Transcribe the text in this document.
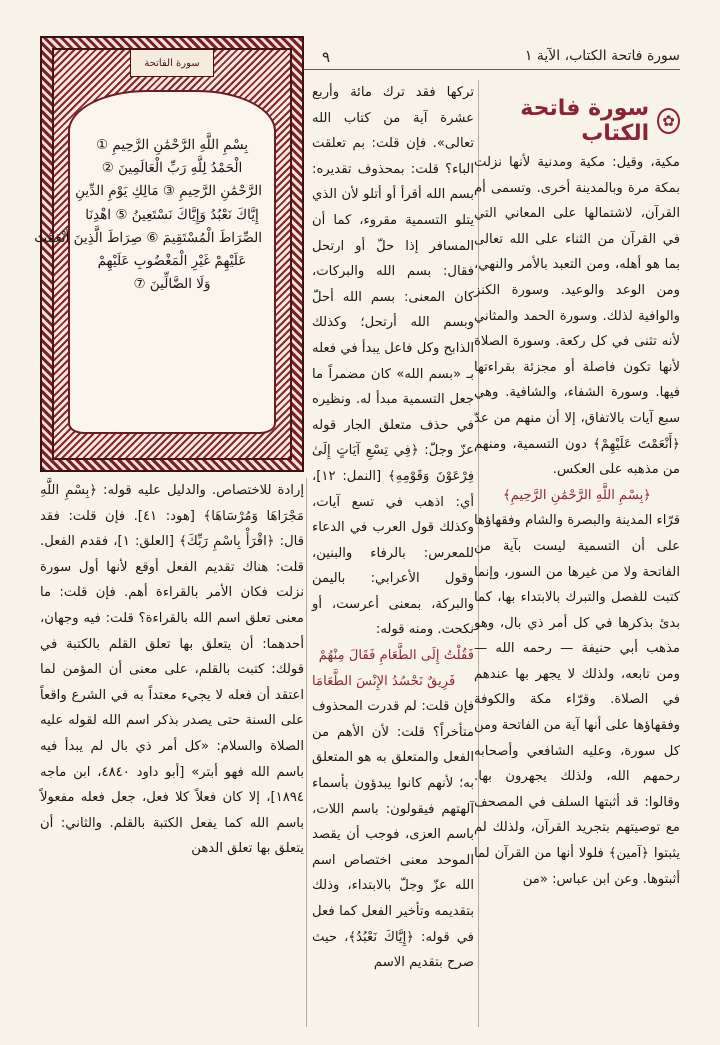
سورة فاتحة الكتاب، الآية ١
٩
سورة الفاتحة
بِسْمِ اللَّهِ الرَّحْمَٰنِ الرَّحِيمِ ①
الْحَمْدُ لِلَّهِ رَبِّ الْعَالَمِينَ ②
الرَّحْمَٰنِ الرَّحِيمِ ③ مَالِكِ يَوْمِ الدِّينِ
إِيَّاكَ نَعْبُدُ وَإِيَّاكَ نَسْتَعِينُ ⑤ اهْدِنَا
الصِّرَاطَ الْمُسْتَقِيمَ ⑥ صِرَاطَ الَّذِينَ أَنْعَمْتَ
عَلَيْهِمْ غَيْرِ الْمَغْضُوبِ عَلَيْهِمْ
وَلَا الضَّالِّينَ ⑦
✿
سورة فاتحة الكتاب

مكية، وقيل: مكية ومدنية لأنها نزلت بمكة مرة وبالمدينة أخرى. وتسمى أم القرآن، لاشتمالها على المعاني التي في القرآن من الثناء على الله تعالى بما هو أهله، ومن التعبد بالأمر والنهي، ومن الوعد والوعيد. وسورة الكنز والوافية لذلك. وسورة الحمد والمثاني لأنه تثنى في كل ركعة. وسورة الصلاة لأنها تكون فاصلة أو مجزئة بقراءتها فيها. وسورة الشفاء، والشافية. وهي سبع آيات بالاتفاق، إلا أن منهم من عدّ ﴿أَنْعَمْتَ عَلَيْهِمْ﴾ دون التسمية، ومنهم من مذهبه على العكس.

﴿بِسْمِ اللَّهِ الرَّحْمَٰنِ الرَّحِيمِ﴾

قرّاء المدينة والبصرة والشام وفقهاؤها على أن التسمية ليست بآية من الفاتحة ولا من غيرها من السور، وإنما كتبت للفصل والتبرك بالابتداء بها، كما بدئ بذكرها في كل أمر ذي بال، وهو مذهب أبي حنيفة — رحمه الله — ومن تابعه، ولذلك لا يجهر بها عندهم في الصلاة. وقرّاء مكة والكوفة وفقهاؤها على أنها آية من الفاتحة ومن كل سورة، وعليه الشافعي وأصحابه رحمهم الله، ولذلك يجهرون بها. وقالوا: قد أثبتها السلف في المصحف مع توصيتهم بتجريد القرآن، ولذلك لم يثبتوا ﴿آمين﴾ فلولا أنها من القرآن لما أثبتوها. وعن ابن عباس: «من

تركها فقد ترك مائة وأربع عشرة آية من كتاب الله تعالى». فإن قلت: بم تعلقت الباء؟ قلت: بمحذوف تقديره: بسم الله أقرأ أو أتلو لأن الذي يتلو التسمية مقروء، كما أن المسافر إذا حلّ أو ارتحل فقال: بسم الله والبركات، كان المعنى: بسم الله أحلّ وبسم الله أرتحل؛ وكذلك الذابح وكل فاعل يبدأ في فعله بـ «بسم الله» كان مضمراً ما جعل التسمية مبدأ له. ونظيره في حذف متعلق الجار قوله عزّ وجلّ: ﴿فِي تِسْعِ آيَاتٍ إِلَىٰ فِرْعَوْنَ وَقَوْمِهِ﴾ [النمل: ١٢]، أي: اذهب في تسع آيات، وكذلك قول العرب في الدعاء للمعرس: بالرفاء والبنين، وقول الأعرابي: باليمن والبركة، بمعنى أعرست، أو نكحت. ومنه قوله:

فَقُلْتُ إِلَى الطَّعَامِ فَقَالَ مِنْهُمْ

فَرِيقٌ نَحْسُدُ الإِنْسَ الطَّعَامَا

فإن قلت: لم قدرت المحذوف متأخراً؟ قلت: لأن الأهم من الفعل والمتعلق به هو المتعلق به؛ لأنهم كانوا يبدؤون بأسماء آلهتهم فيقولون: باسم اللات، باسم العزى، فوجب أن يقصد الموحد معنى اختصاص اسم الله عزّ وجلّ بالابتداء، وذلك بتقديمه وتأخير الفعل كما فعل في قوله: ﴿إِيَّاكَ نَعْبُدُ﴾، حيث صرح بتقديم الاسم

إرادة للاختصاص. والدليل عليه قوله: ﴿بِسْمِ اللَّهِ مَجْرَاهَا وَمُرْسَاهَا﴾ [هود: ٤١]. فإن قلت: فقد قال: ﴿اقْرَأْ بِاسْمِ رَبِّكَ﴾ [العلق: ١]، فقدم الفعل. قلت: هناك تقديم الفعل أوقع لأنها أول سورة نزلت فكان الأمر بالقراءة أهم. فإن قلت: ما معنى تعلق اسم الله بالقراءة؟ قلت: فيه وجهان، أحدهما: أن يتعلق بها تعلق القلم بالكتبة في قولك: كتبت بالقلم، على معنى أن المؤمن لما اعتقد أن فعله لا يجيء معتداً به في الشرع واقعاً على السنة حتى يصدر بذكر اسم الله لقوله عليه الصلاة والسلام: «كل أمر ذي بال لم يبدأ فيه باسم الله فهو أبتر» [أبو داود ٤٨٤٠، ابن ماجه ١٨٩٤]، إلا كان فعلاً كلا فعل، جعل فعله مفعولاً باسم الله كما يفعل الكتبة بالقلم. والثاني: أن يتعلق بها تعلق الدهن
